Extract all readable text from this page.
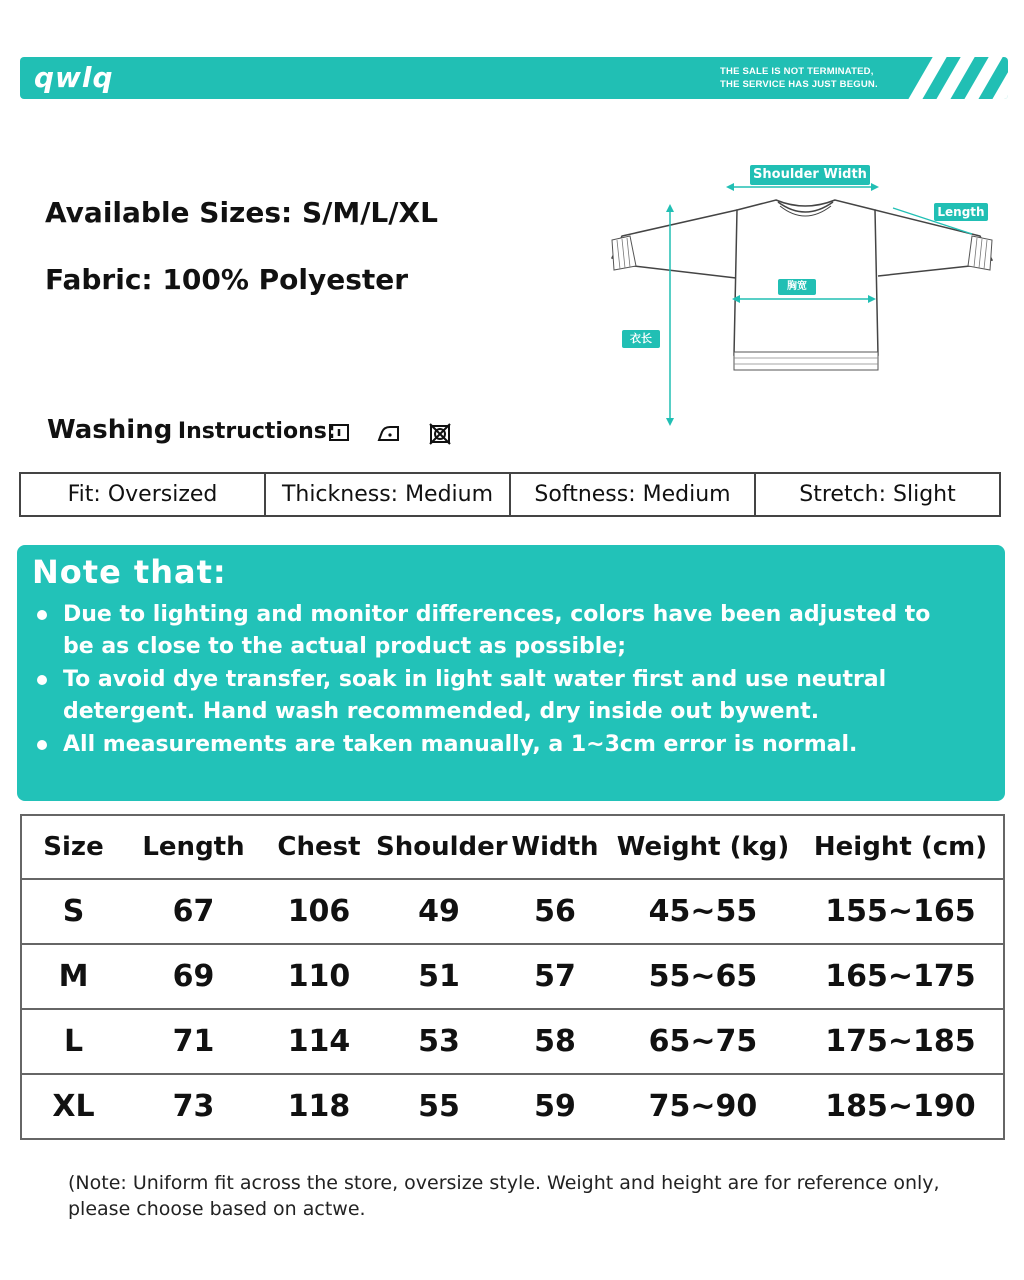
qwlq	THE SALE IS NOT TERMINATED,
THE SERVICE HAS JUST BEGUN.
Available Sizes: S/M/L/XL
Fabric: 100% Polyester
Washing Instructions:
Shoulder Width
Length
胸宽
衣长
Fit: Oversized	Thickness: Medium	Softness: Medium	Stretch: Slight
Note that:
Due to lighting and monitor differences, colors have been adjusted to be as close to the actual product as possible;
To avoid dye transfer, soak in light salt water first and use neutral detergent. Hand wash recommended, dry inside out bywent.
All measurements are taken manually, a 1~3cm error is normal.
Size	Length	Chest	Shoulder	Width	Weight (kg)	Height (cm)
S	67	106	49	56	45~55	155~165
M	69	110	51	57	55~65	165~175
L	71	114	53	58	65~75	175~185
XL	73	118	55	59	75~90	185~190
(Note: Uniform fit across the store, oversize style. Weight and height are for reference only,
please choose based on actwe.
